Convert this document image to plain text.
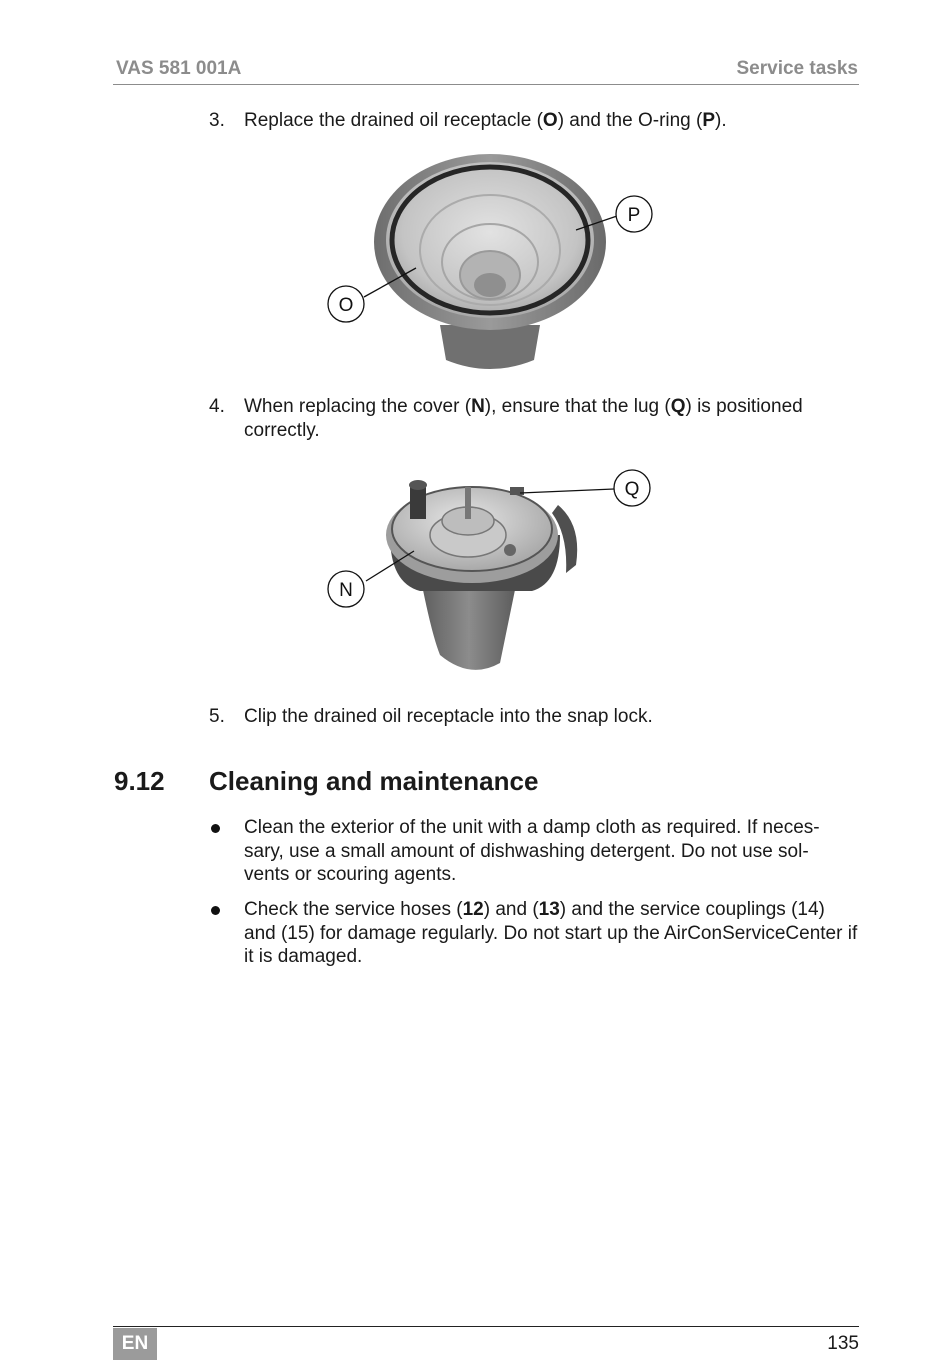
VAS 581 001A	Service tasks
3. Replace the drained oil receptacle (O) and the O-ring (P).
O
P
4. When replacing the cover (N), ensure that the lug (Q) is positioned correctly.
N
Q
5. Clip the drained oil receptacle into the snap lock.
9.12 Cleaning and maintenance
Clean the exterior of the unit with a damp cloth as required. If neces- sary, use a small amount of dishwashing detergent. Do not use sol- vents or scouring agents.
Check the service hoses (12) and (13) and the service couplings (14) and (15) for damage regularly. Do not start up the AirConServiceCenter if it is damaged.
EN	135
